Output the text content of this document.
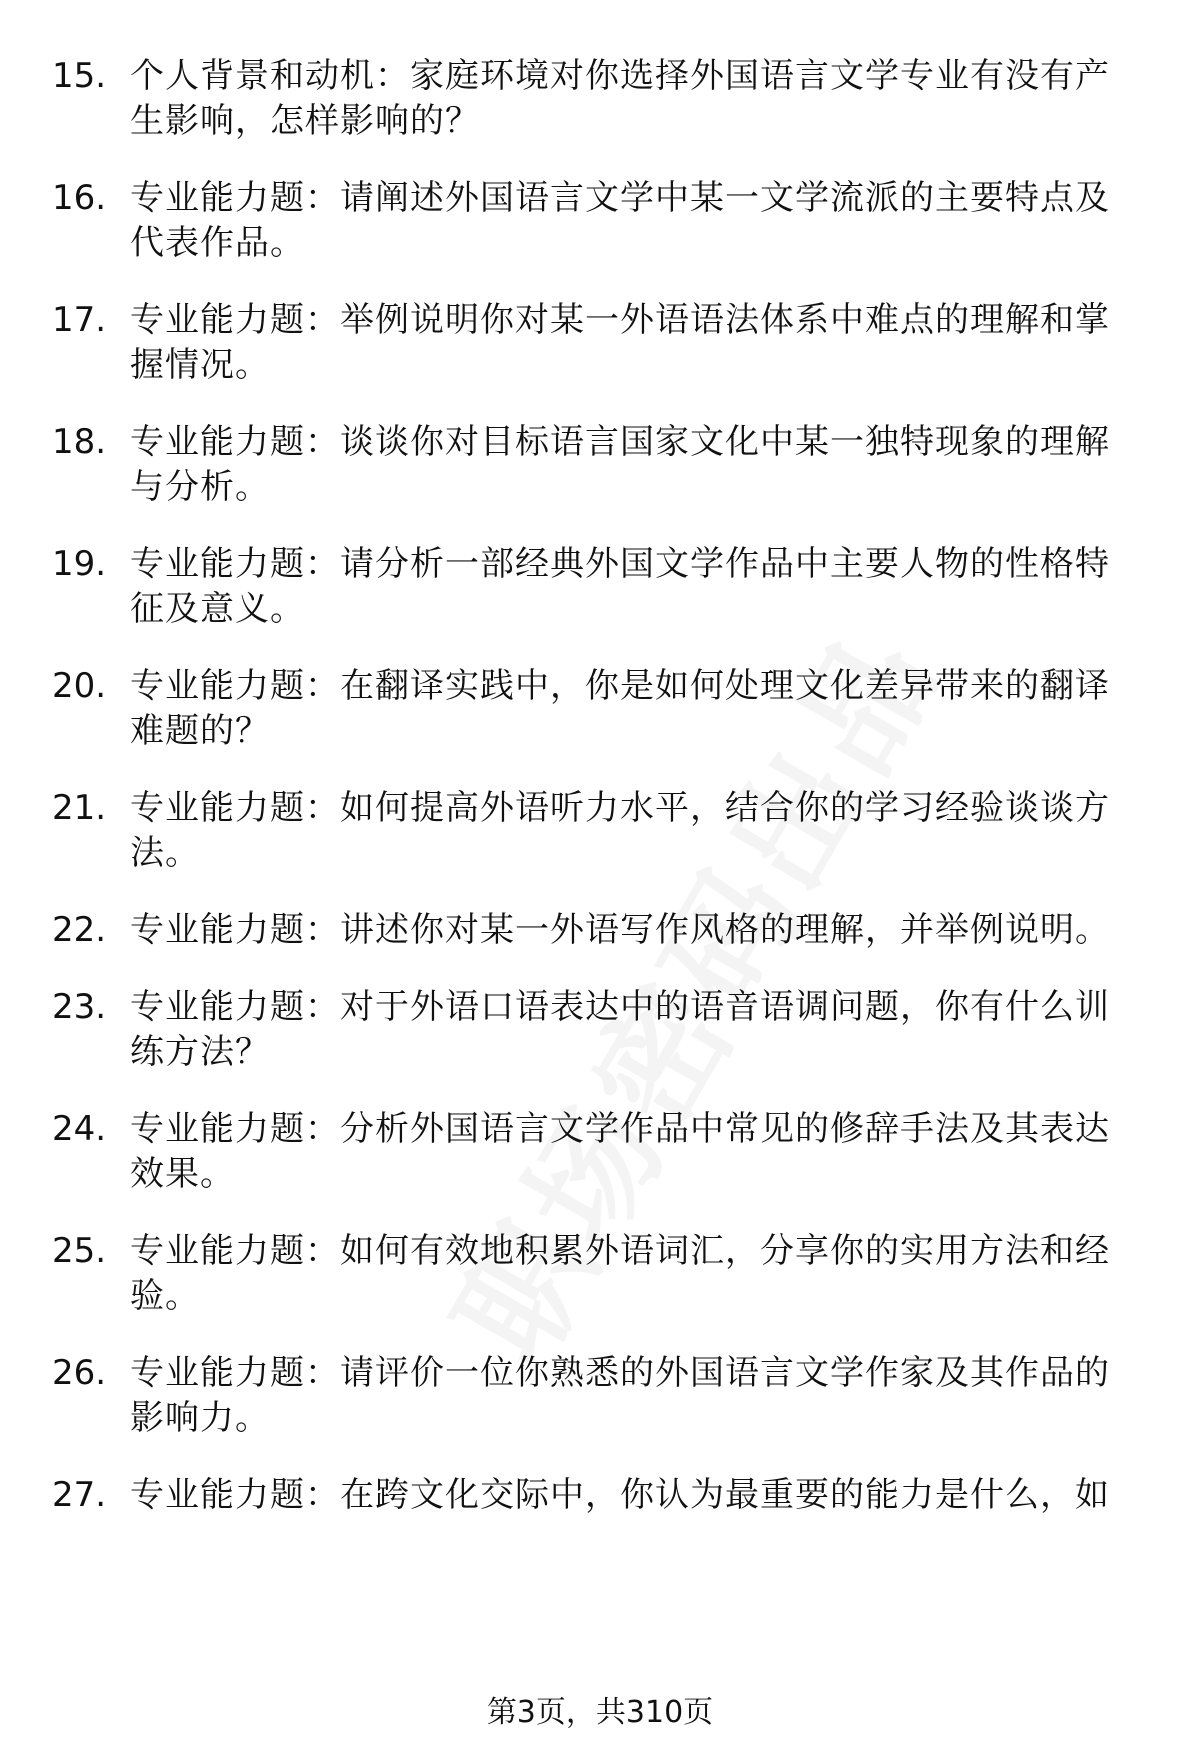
15. 个人背景和动机：家庭环境对你选择外国语言文学专业有没有产生影响，怎样影响的？
16. 专业能力题：请阐述外国语言文学中某一文学流派的主要特点及代表作品。
17. 专业能力题：举例说明你对某一外语语法体系中难点的理解和掌握情况。
18. 专业能力题：谈谈你对目标语言国家文化中某一独特现象的理解与分析。
19. 专业能力题：请分析一部经典外国文学作品中主要人物的性格特征及意义。
20. 专业能力题：在翻译实践中，你是如何处理文化差异带来的翻译难题的？
21. 专业能力题：如何提高外语听力水平，结合你的学习经验谈谈方法。
22. 专业能力题：讲述你对某一外语写作风格的理解，并举例说明。
23. 专业能力题：对于外语口语表达中的语音语调问题，你有什么训练方法？
24. 专业能力题：分析外国语言文学作品中常见的修辞手法及其表达效果。
25. 专业能力题：如何有效地积累外语词汇，分享你的实用方法和经验。
26. 专业能力题：请评价一位你熟悉的外国语言文学作家及其作品的影响力。
27. 专业能力题：在跨文化交际中，你认为最重要的能力是什么，如
第3页，共310页
